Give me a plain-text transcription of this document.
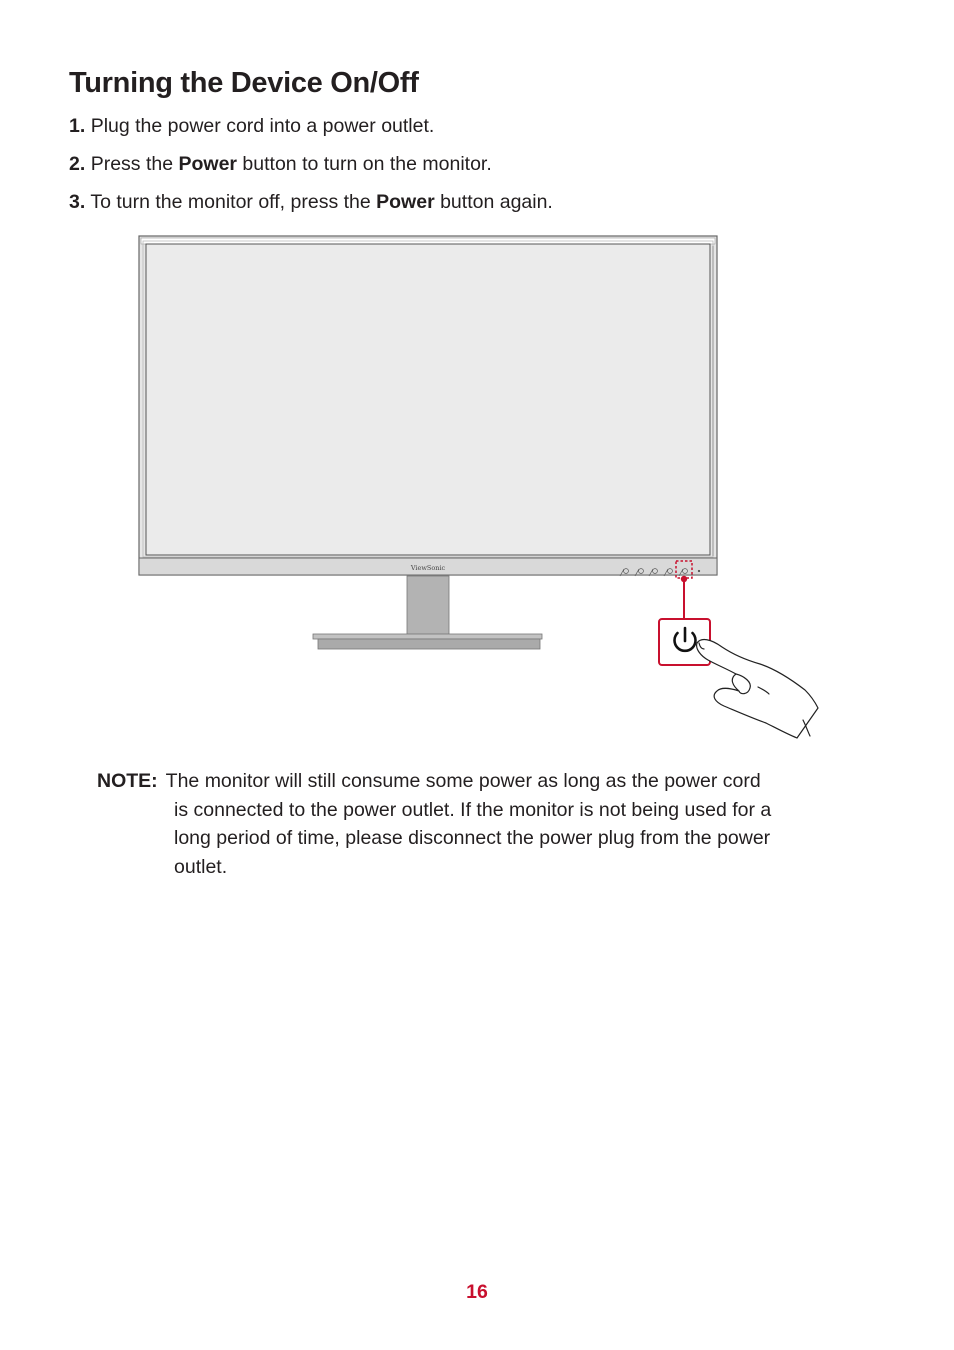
Turning the Device On/Off

1. Plug the power cord into a power outlet.

2. Press the Power button to turn on the monitor.

3. To turn the monitor off, press the Power button again.

ViewSonic
NOTE: The monitor will still consume some power as long as the power cord
is connected to the power outlet. If the monitor is not being used for a
long period of time, please disconnect the power plug from the power
outlet.
16
